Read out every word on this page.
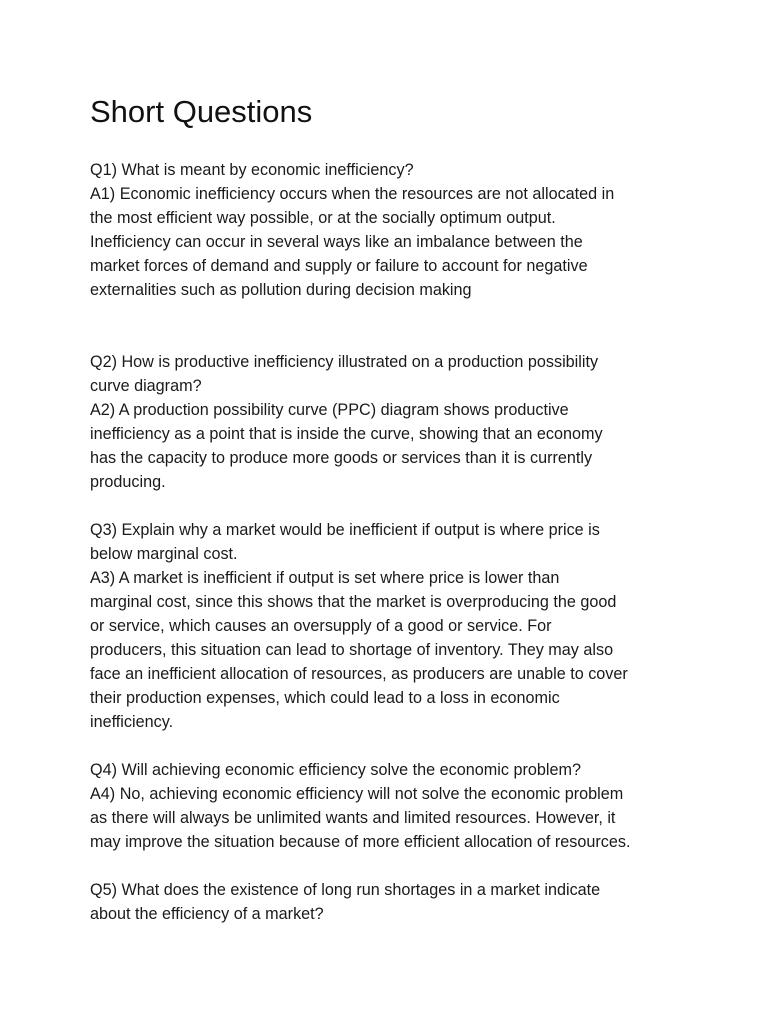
Short Questions

Q1) What is meant by economic inefficiency?

A1) Economic inefficiency occurs when the resources are not allocated in

the most efficient way possible, or at the socially optimum output.

Inefficiency can occur in several ways like an imbalance between the

market forces of demand and supply or failure to account for negative

externalities such as pollution during decision making

Q2) How is productive inefficiency illustrated on a production possibility

curve diagram?

A2) A production possibility curve (PPC) diagram shows productive

inefficiency as a point that is inside the curve, showing that an economy

has the capacity to produce more goods or services than it is currently

producing.

Q3) Explain why a market would be inefficient if output is where price is

below marginal cost.

A3) A market is inefficient if output is set where price is lower than

marginal cost, since this shows that the market is overproducing the good

or service, which causes an oversupply of a good or service. For

producers, this situation can lead to shortage of inventory. They may also

face an inefficient allocation of resources, as producers are unable to cover

their production expenses, which could lead to a loss in economic

inefficiency.

Q4) Will achieving economic efficiency solve the economic problem?

A4) No, achieving economic efficiency will not solve the economic problem

as there will always be unlimited wants and limited resources. However, it

may improve the situation because of more efficient allocation of resources.

Q5) What does the existence of long run shortages in a market indicate

about the efficiency of a market?
